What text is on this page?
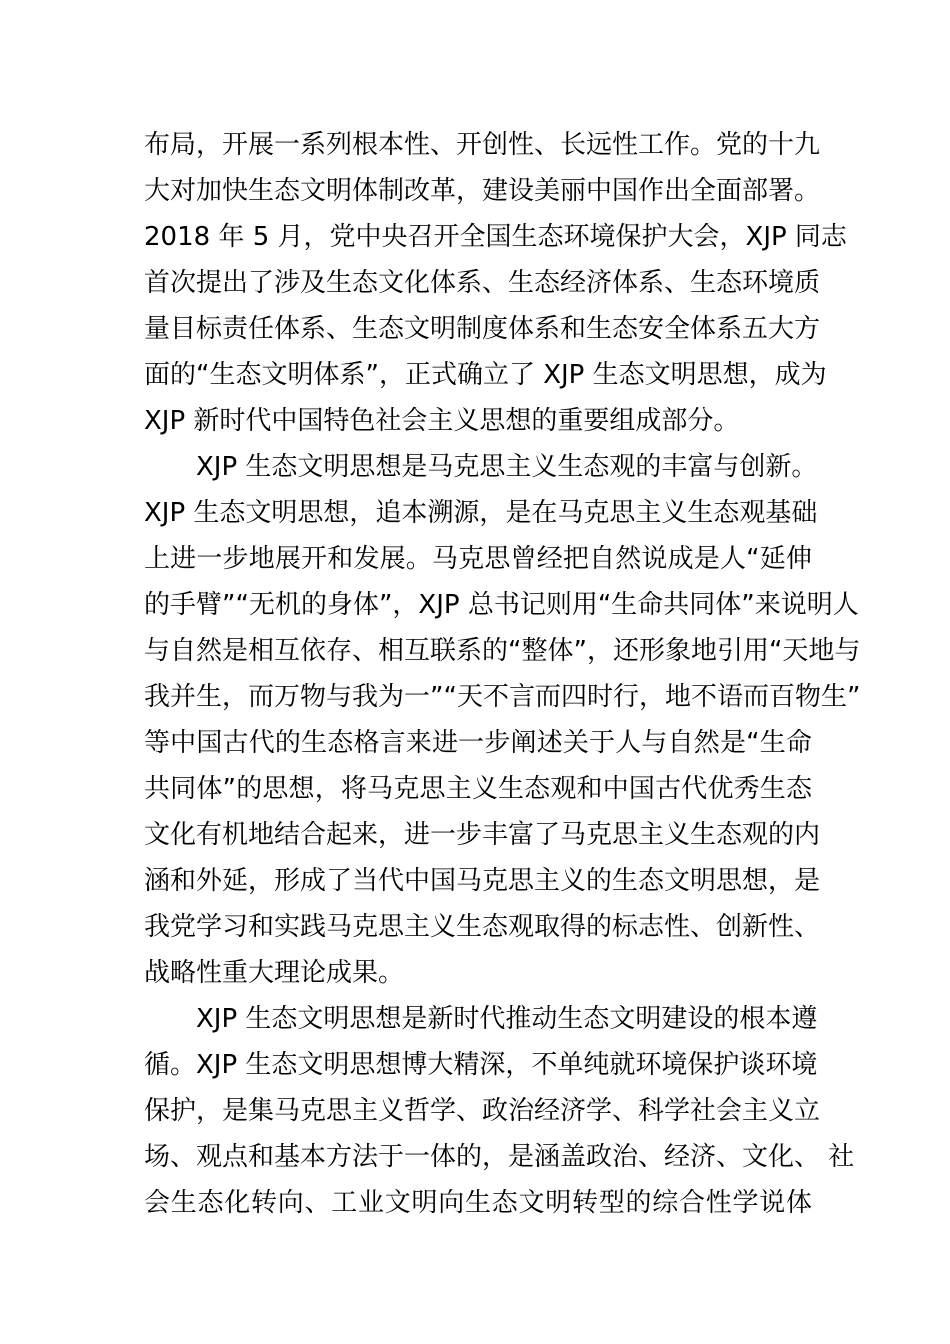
布局，开展一系列根本性、开创性、长远性工作。党的十九
大对加快生态文明体制改革，建设美丽中国作出全面部署。
2018 年 5 月，党中央召开全国生态环境保护大会，XJP 同志
首次提出了涉及生态文化体系、生态经济体系、生态环境质
量目标责任体系、生态文明制度体系和生态安全体系五大方
面的“生态文明体系”，正式确立了 XJP 生态文明思想，成为
XJP 新时代中国特色社会主义思想的重要组成部分。
XJP 生态文明思想是马克思主义生态观的丰富与创新。
XJP 生态文明思想，追本溯源，是在马克思主义生态观基础
上进一步地展开和发展。马克思曾经把自然说成是人“延伸
的手臂”“无机的身体”，XJP 总书记则用“生命共同体”来说明人
与自然是相互依存、相互联系的“整体”，还形象地引用“天地与
我并生，而万物与我为一”“天不言而四时行，地不语而百物生”
等中国古代的生态格言来进一步阐述关于人与自然是“生命
共同体”的思想，将马克思主义生态观和中国古代优秀生态
文化有机地结合起来，进一步丰富了马克思主义生态观的内
涵和外延，形成了当代中国马克思主义的生态文明思想，是
我党学习和实践马克思主义生态观取得的标志性、创新性、
战略性重大理论成果。
XJP 生态文明思想是新时代推动生态文明建设的根本遵
循。XJP 生态文明思想博大精深，不单纯就环境保护谈环境
保护，是集马克思主义哲学、政治经济学、科学社会主义立
场、观点和基本方法于一体的，是涵盖政治、经济、文化、 社
会生态化转向、工业文明向生态文明转型的综合性学说体
